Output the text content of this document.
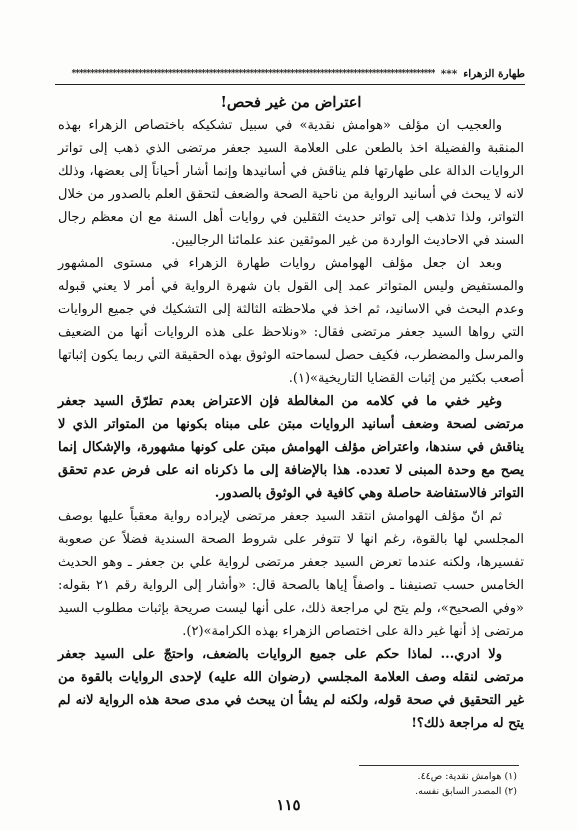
طهارة الزهراء
***
**************************************************************************************************
اعتراض من غير فحص!

والعجيب ان مؤلف «هوامش نقدية» في سبيل تشكيكه باختصاص الزهراء بهذه المنقبة والفضيلة اخذ بالطعن على العلامة السيد جعفر مرتضى الذي ذهب إلى تواتر الروايات الدالة على طهارتها فلم يناقش في أسانيدها وإنما أشار أحياناً إلى بعضها، وذلك لانه لا يبحث في أسانيد الرواية من ناحية الصحة والضعف لتحقق العلم بالصدور من خلال التواتر، ولذا تذهب إلى تواتر حديث الثقلين في روايات أهل السنة مع ان معظم رجال السند في الاحاديث الواردة من غير الموثقين عند علمائنا الرجاليين.

وبعد ان جعل مؤلف الهوامش روايات طهارة الزهراء في مستوى المشهور والمستفيض وليس المتواتر عمد إلى القول بان شهرة الرواية في أمر لا يعني قبوله وعدم البحث في الاسانيد، ثم اخذ في ملاحظته الثالثة إلى التشكيك في جميع الروايات التي رواها السيد جعفر مرتضى فقال: «ونلاحظ على هذه الروايات أنها من الضعيف والمرسل والمضطرب، فكيف حصل لسماحته الوثوق بهذه الحقيقة التي ربما يكون إثباتها أصعب بكثير من إثبات القضايا التاريخية»(١).

وغير خفي ما في كلامه من المغالطة فإن الاعتراض بعدم تطرّق السيد جعفر مرتضى لصحة وضعف أسانيد الروايات مبتن على مبناه بكونها من المتواتر الذي لا يناقش في سندها، واعتراض مؤلف الهوامش مبتن على كونها مشهورة، والإشكال إنما يصح مع وحدة المبنى لا تعدده. هذا بالإضافة إلى ما ذكرناه انه على فرض عدم تحقق التواتر فالاستفاضة حاصلة وهي كافية في الوثوق بالصدور.

ثم انّ مؤلف الهوامش انتقد السيد جعفر مرتضى لإيراده رواية معقباً عليها بوصف المجلسي لها بالقوة، رغم انها لا تتوفر على شروط الصحة السندية فضلاً عن صعوبة تفسيرها، ولكنه عندما تعرض السيد جعفر مرتضى لرواية علي بن جعفر ـ وهو الحديث الخامس حسب تصنيفنا ـ واصفاً إياها بالصحة قال: «وأشار إلى الرواية رقم ٢١ بقوله: «وفي الصحيح»، ولم يتح لي مراجعة ذلك، على أنها ليست صريحة بإثبات مطلوب السيد مرتضى إذ أنها غير دالة على اختصاص الزهراء بهذه الكرامة»(٢).

ولا ادري... لماذا حكم على جميع الروايات بالضعف، واحتجّ على السيد جعفر مرتضى لنقله وصف العلامة المجلسي (رضوان الله عليه) لإحدى الروايات بالقوة من غير التحقيق في صحة قوله، ولكنه لم يشأ ان يبحث في مدى صحة هذه الرواية لانه لم يتح له مراجعة ذلك؟!

(١) هوامش نقدية: ص٤٤.
(٢) المصدر السابق نفسه.
١١٥
